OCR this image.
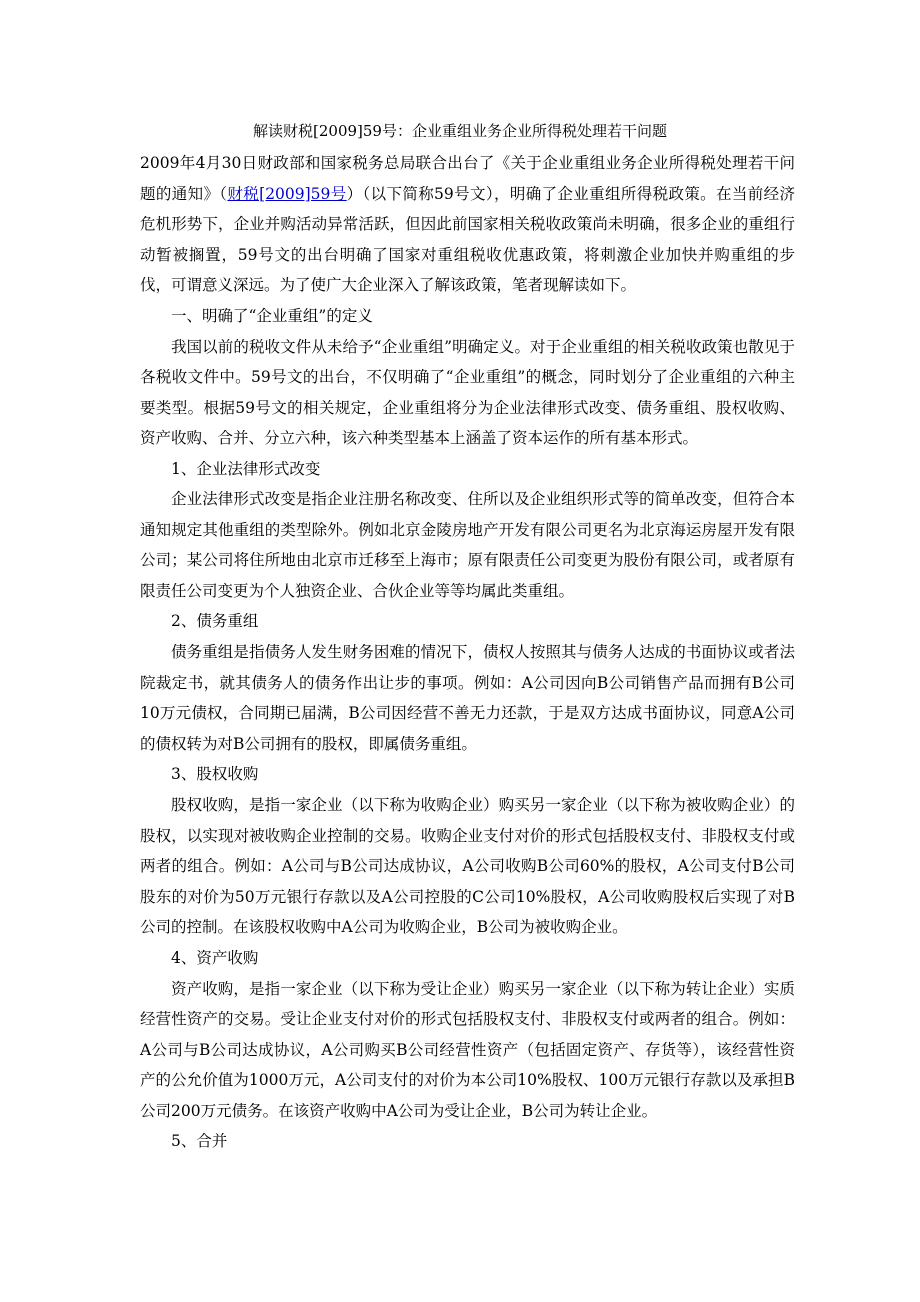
解读财税[2009]59号：企业重组业务企业所得税处理若干问题

2009年4月30日财政部和国家税务总局联合出台了《关于企业重组业务企业所得税处理若干问题的通知》（财税[2009]59号）（以下简称59号文），明确了企业重组所得税政策。在当前经济危机形势下，企业并购活动异常活跃，但因此前国家相关税收政策尚未明确，很多企业的重组行动暂被搁置，59号文的出台明确了国家对重组税收优惠政策，将刺激企业加快并购重组的步伐，可谓意义深远。为了使广大企业深入了解该政策，笔者现解读如下。

一、明确了“企业重组”的定义

我国以前的税收文件从未给予“企业重组”明确定义。对于企业重组的相关税收政策也散见于各税收文件中。59号文的出台，不仅明确了“企业重组”的概念，同时划分了企业重组的六种主要类型。根据59号文的相关规定，企业重组将分为企业法律形式改变、债务重组、股权收购、资产收购、合并、分立六种，该六种类型基本上涵盖了资本运作的所有基本形式。

1、企业法律形式改变

企业法律形式改变是指企业注册名称改变、住所以及企业组织形式等的简单改变，但符合本通知规定其他重组的类型除外。例如北京金陵房地产开发有限公司更名为北京海运房屋开发有限公司；某公司将住所地由北京市迁移至上海市；原有限责任公司变更为股份有限公司，或者原有限责任公司变更为个人独资企业、合伙企业等等均属此类重组。

2、债务重组

债务重组是指债务人发生财务困难的情况下，债权人按照其与债务人达成的书面协议或者法院裁定书，就其债务人的债务作出让步的事项。例如：A公司因向B公司销售产品而拥有B公司10万元债权，合同期已届满，B公司因经营不善无力还款，于是双方达成书面协议，同意A公司的债权转为对B公司拥有的股权，即属债务重组。

3、股权收购

股权收购，是指一家企业（以下称为收购企业）购买另一家企业（以下称为被收购企业）的股权，以实现对被收购企业控制的交易。收购企业支付对价的形式包括股权支付、非股权支付或两者的组合。例如：A公司与B公司达成协议，A公司收购B公司60%的股权，A公司支付B公司股东的对价为50万元银行存款以及A公司控股的C公司10%股权，A公司收购股权后实现了对B公司的控制。在该股权收购中A公司为收购企业，B公司为被收购企业。

4、资产收购

资产收购，是指一家企业（以下称为受让企业）购买另一家企业（以下称为转让企业）实质经营性资产的交易。受让企业支付对价的形式包括股权支付、非股权支付或两者的组合。例如：A公司与B公司达成协议，A公司购买B公司经营性资产（包括固定资产、存货等），该经营性资产的公允价值为1000万元，A公司支付的对价为本公司10%股权、100万元银行存款以及承担B公司200万元债务。在该资产收购中A公司为受让企业，B公司为转让企业。

5、合并
